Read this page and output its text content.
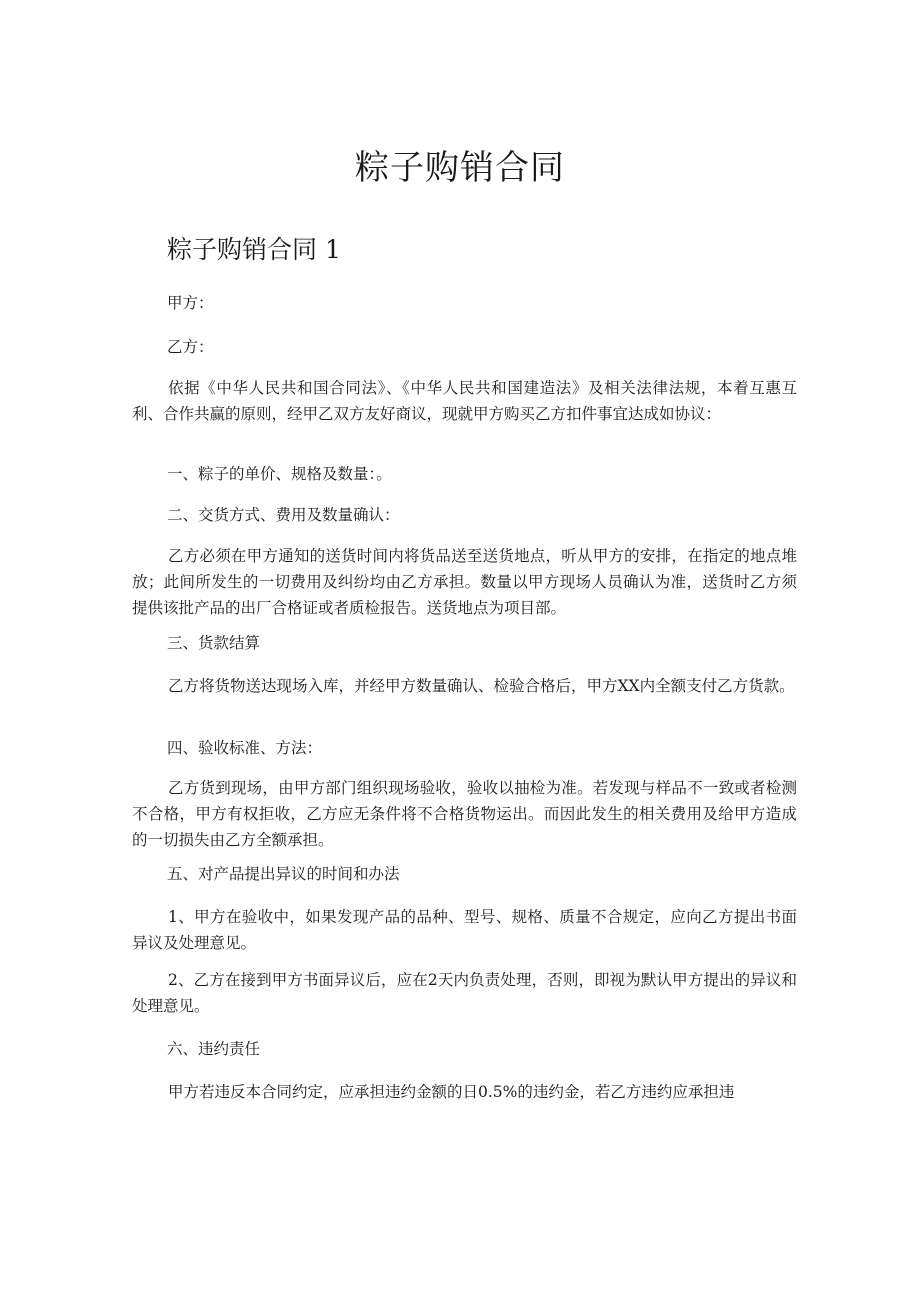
粽子购销合同
粽子购销合同 1

甲方：

乙方：

依据《中华人民共和国合同法》、《中华人民共和国建造法》及相关法律法规，本着互惠互利、合作共赢的原则，经甲乙双方友好商议，现就甲方购买乙方扣件事宜达成如协议：

一、粽子的单价、规格及数量：。

二、交货方式、费用及数量确认：

乙方必须在甲方通知的送货时间内将货品送至送货地点，听从甲方的安排，在指定的地点堆放；此间所发生的一切费用及纠纷均由乙方承担。数量以甲方现场人员确认为准，送货时乙方须提供该批产品的出厂合格证或者质检报告。送货地点为项目部。

三、货款结算

乙方将货物送达现场入库，并经甲方数量确认、检验合格后，甲方XX内全额支付乙方货款。

四、验收标准、方法：

乙方货到现场，由甲方部门组织现场验收，验收以抽检为准。若发现与样品不一致或者检测不合格，甲方有权拒收，乙方应无条件将不合格货物运出。而因此发生的相关费用及给甲方造成的一切损失由乙方全额承担。

五、对产品提出异议的时间和办法

1、甲方在验收中，如果发现产品的品种、型号、规格、质量不合规定，应向乙方提出书面异议及处理意见。

2、乙方在接到甲方书面异议后，应在2天内负责处理，否则，即视为默认甲方提出的异议和处理意见。

六、违约责任

甲方若违反本合同约定，应承担违约金额的日0.5%的违约金，若乙方违约应承担违
